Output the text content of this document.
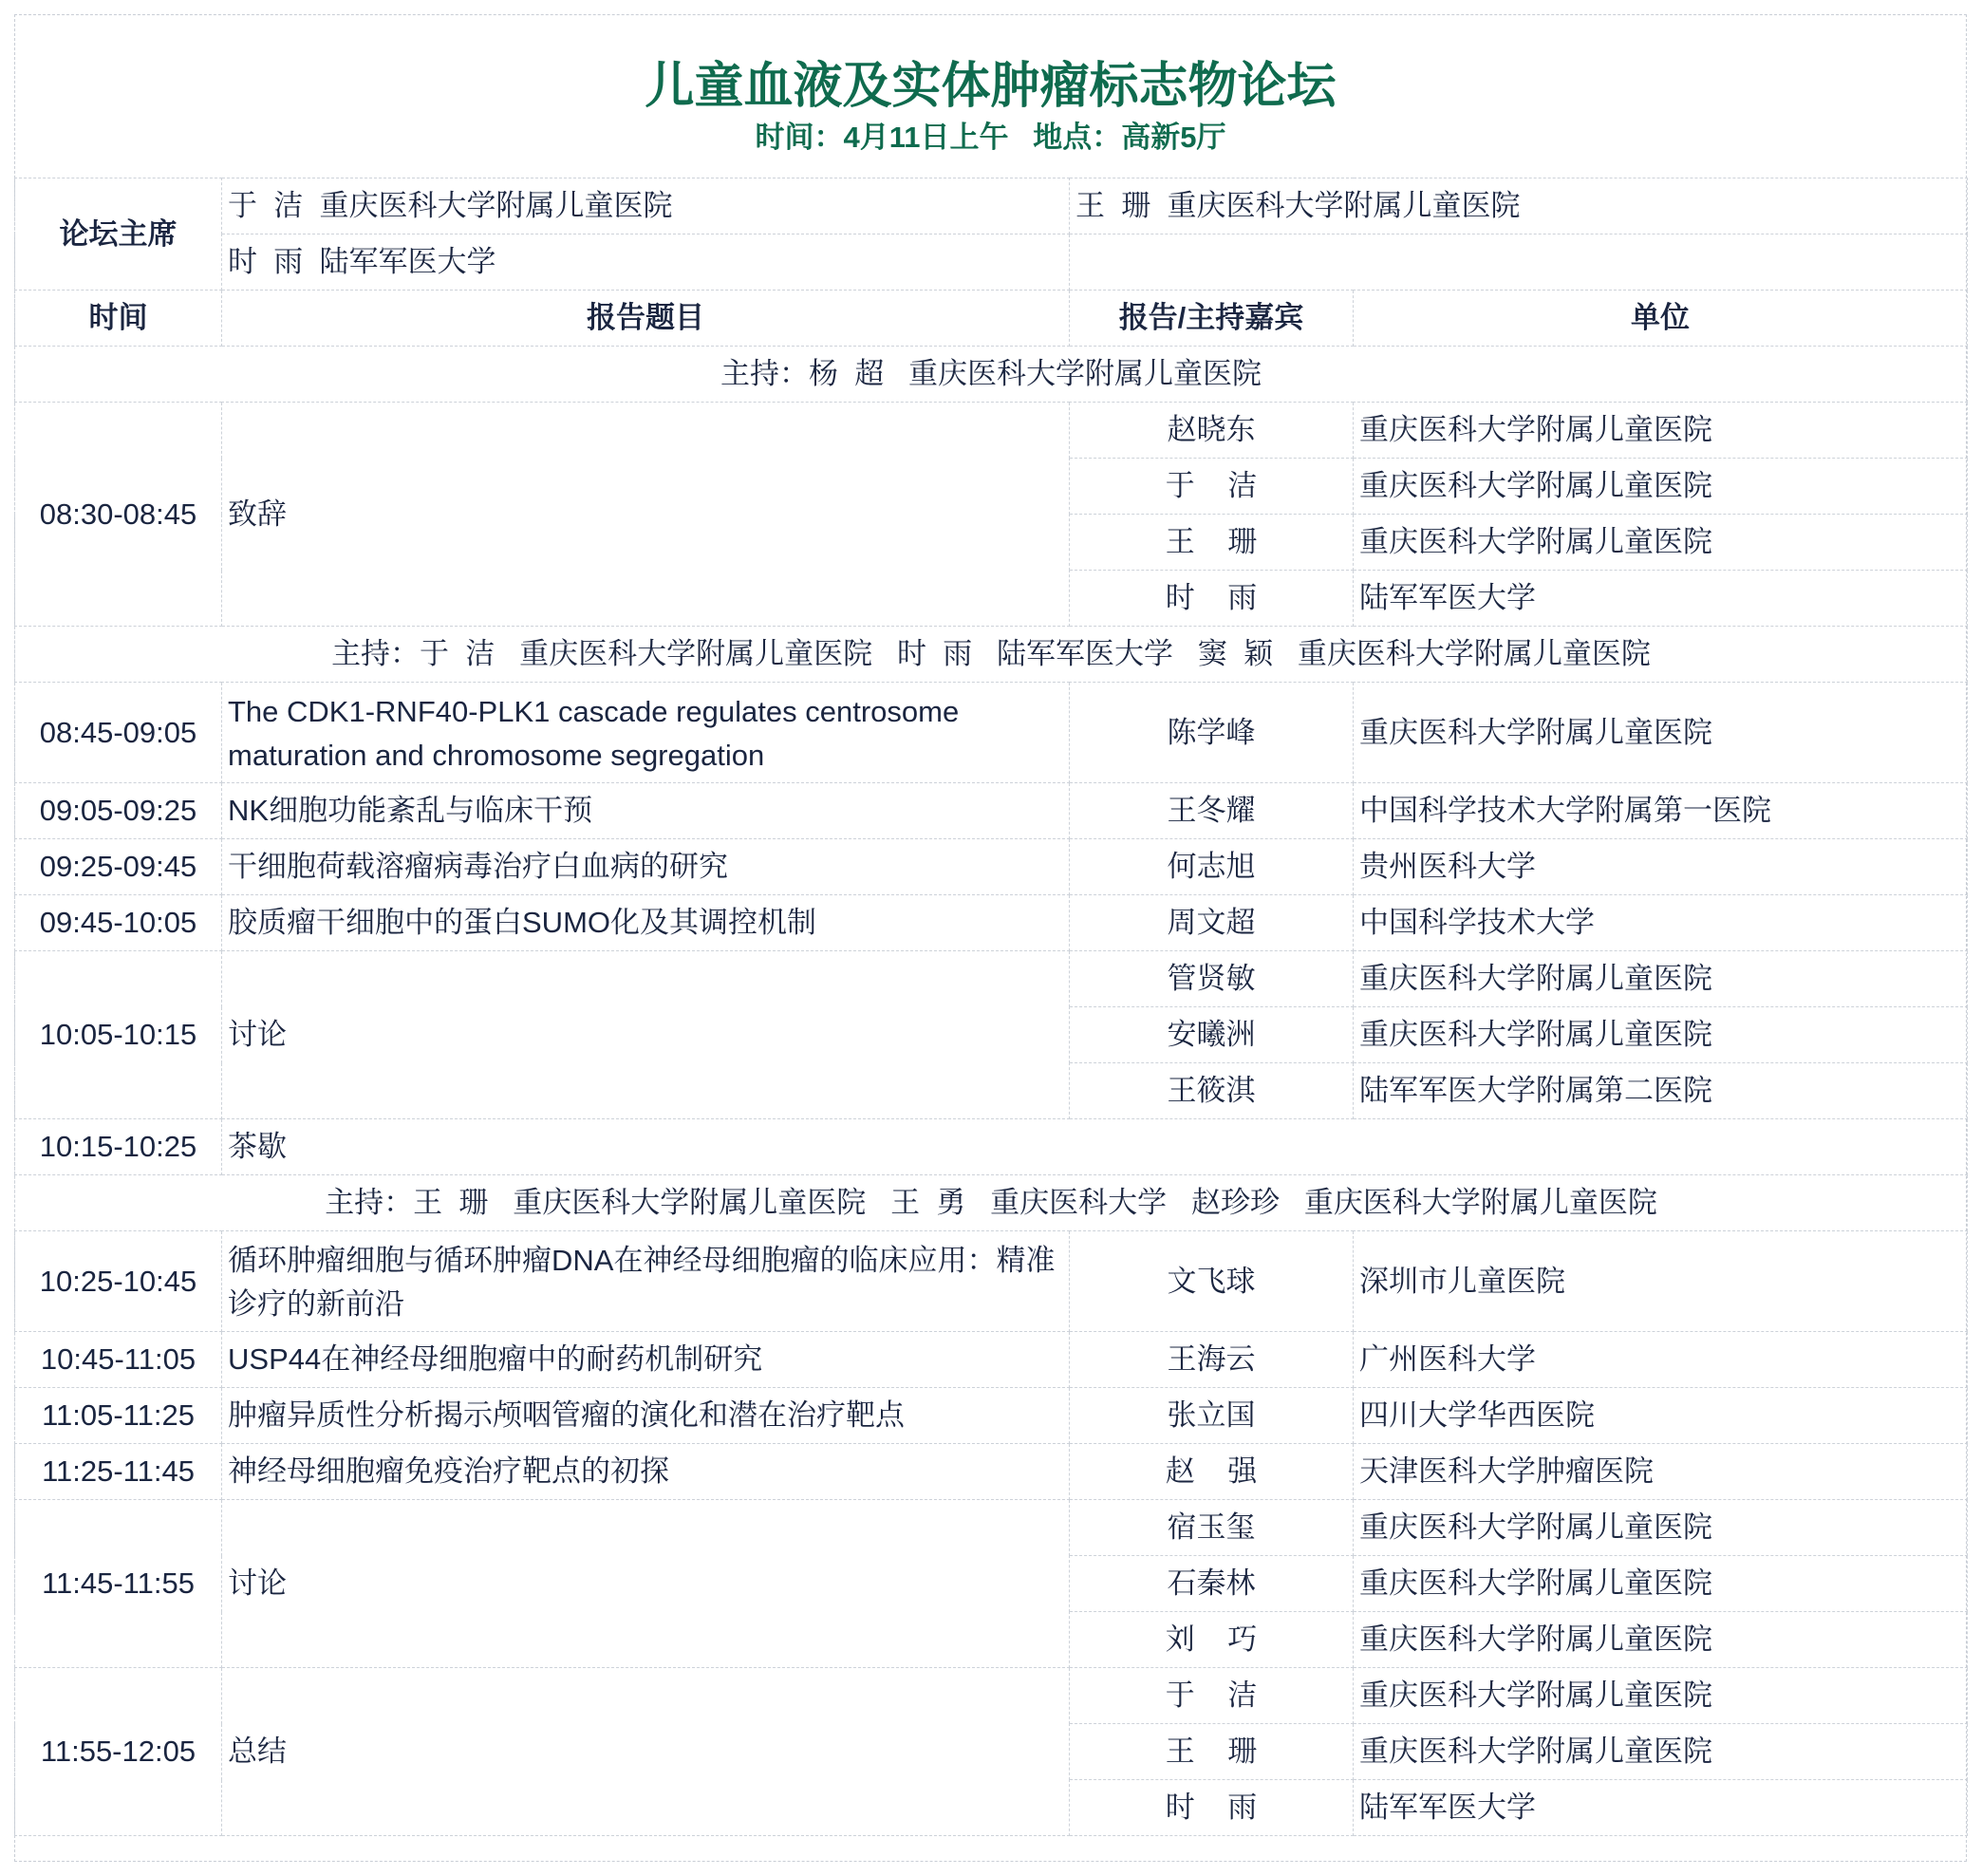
儿童血液及实体肿瘤标志物论坛
时间：4月11日上午   地点：高新5厅
论坛主席	于  洁  重庆医科大学附属儿童医院	王  珊  重庆医科大学附属儿童医院	
	时  雨  陆军军医大学		
时间	报告题目	报告/主持嘉宾	单位
主持：杨  超   重庆医科大学附属儿童医院			
08:30-08:45	致辞	赵晓东	重庆医科大学附属儿童医院
		于    洁	重庆医科大学附属儿童医院
		王    珊	重庆医科大学附属儿童医院
		时    雨	陆军军医大学
主持：于  洁   重庆医科大学附属儿童医院   时  雨   陆军军医大学   窦  颖   重庆医科大学附属儿童医院			
08:45-09:05	The CDK1-RNF40-PLK1 cascade regulates centrosome maturation and chromosome segregation	陈学峰	重庆医科大学附属儿童医院
09:05-09:25	NK细胞功能紊乱与临床干预	王冬耀	中国科学技术大学附属第一医院
09:25-09:45	干细胞荷载溶瘤病毒治疗白血病的研究	何志旭	贵州医科大学
09:45-10:05	胶质瘤干细胞中的蛋白SUMO化及其调控机制	周文超	中国科学技术大学
10:05-10:15	讨论	管贤敏	重庆医科大学附属儿童医院
		安曦洲	重庆医科大学附属儿童医院
		王筱淇	陆军军医大学附属第二医院
10:15-10:25	茶歇		
主持：王  珊   重庆医科大学附属儿童医院   王  勇   重庆医科大学   赵珍珍   重庆医科大学附属儿童医院			
10:25-10:45	循环肿瘤细胞与循环肿瘤DNA在神经母细胞瘤的临床应用：精准诊疗的新前沿	文飞球	深圳市儿童医院
10:45-11:05	USP44在神经母细胞瘤中的耐药机制研究	王海云	广州医科大学
11:05-11:25	肿瘤异质性分析揭示颅咽管瘤的演化和潜在治疗靶点	张立国	四川大学华西医院
11:25-11:45	神经母细胞瘤免疫治疗靶点的初探	赵    强	天津医科大学肿瘤医院
11:45-11:55	讨论	宿玉玺	重庆医科大学附属儿童医院
		石秦林	重庆医科大学附属儿童医院
		刘    巧	重庆医科大学附属儿童医院
11:55-12:05	总结	于    洁	重庆医科大学附属儿童医院
		王    珊	重庆医科大学附属儿童医院
		时    雨	陆军军医大学
